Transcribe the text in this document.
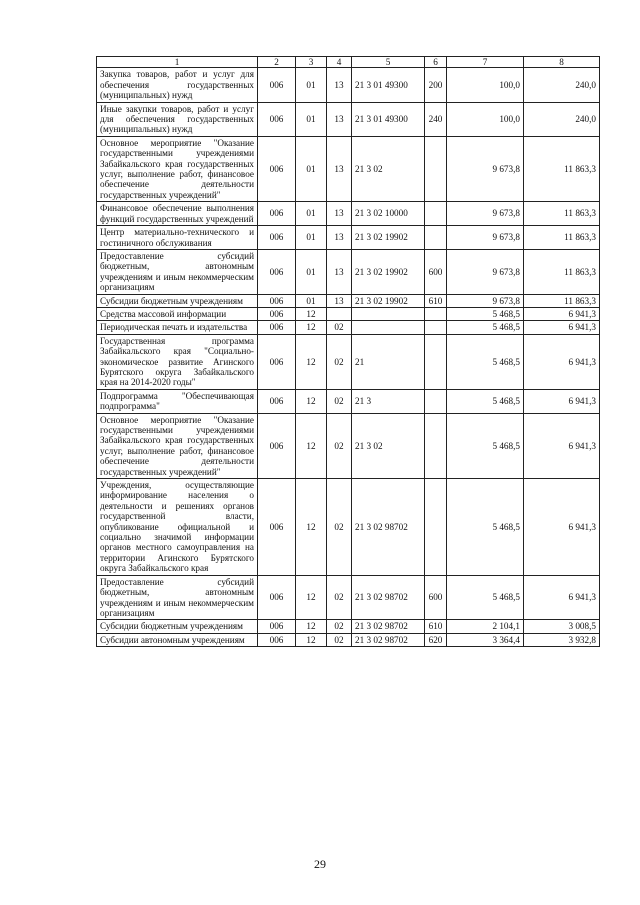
1	2	3	4	5	6	7	8
Закупка товаров, работ и услуг для обеспечения государственных (муниципальных) нужд	006	01	13	21 3 01 49300	200	100,0	240,0
Иные закупки товаров, работ и услуг для обеспечения государственных (муниципальных) нужд	006	01	13	21 3 01 49300	240	100,0	240,0
Основное мероприятие "Оказание государственными учреждениями Забайкальского края государственных услуг, выполнение работ, финансовое обеспечение деятельности государственных учреждений"	006	01	13	21 3 02		9 673,8	11 863,3
Финансовое обеспечение выполнения функций государственных учреждений	006	01	13	21 3 02 10000		9 673,8	11 863,3
Центр материально-технического и гостиничного обслуживания	006	01	13	21 3 02 19902		9 673,8	11 863,3
Предоставление субсидий бюджетным, автономным учреждениям и иным некоммерческим организациям	006	01	13	21 3 02 19902	600	9 673,8	11 863,3
Субсидии бюджетным учреждениям	006	01	13	21 3 02 19902	610	9 673,8	11 863,3
Средства массовой информации	006	12				5 468,5	6 941,3
Периодическая печать и издательства	006	12	02			5 468,5	6 941,3
Государственная программа Забайкальского края "Социально-экономическое развитие Агинского Бурятского округа Забайкальского края на 2014-2020 годы"	006	12	02	21		5 468,5	6 941,3
Подпрограмма "Обеспечивающая подпрограмма"	006	12	02	21 3		5 468,5	6 941,3
Основное мероприятие "Оказание государственными учреждениями Забайкальского края государственных услуг, выполнение работ, финансовое обеспечение деятельности государственных учреждений"	006	12	02	21 3 02		5 468,5	6 941,3
Учреждения, осуществляющие информирование населения о деятельности и решениях органов государственной власти, опубликование официальной и социально значимой информации органов местного самоуправления на территории Агинского Бурятского округа Забайкальского края	006	12	02	21 3 02 98702		5 468,5	6 941,3
Предоставление субсидий бюджетным, автономным учреждениям и иным некоммерческим организациям	006	12	02	21 3 02 98702	600	5 468,5	6 941,3
Субсидии бюджетным учреждениям	006	12	02	21 3 02 98702	610	2 104,1	3 008,5
Субсидии автономным учреждениям	006	12	02	21 3 02 98702	620	3 364,4	3 932,8
29
